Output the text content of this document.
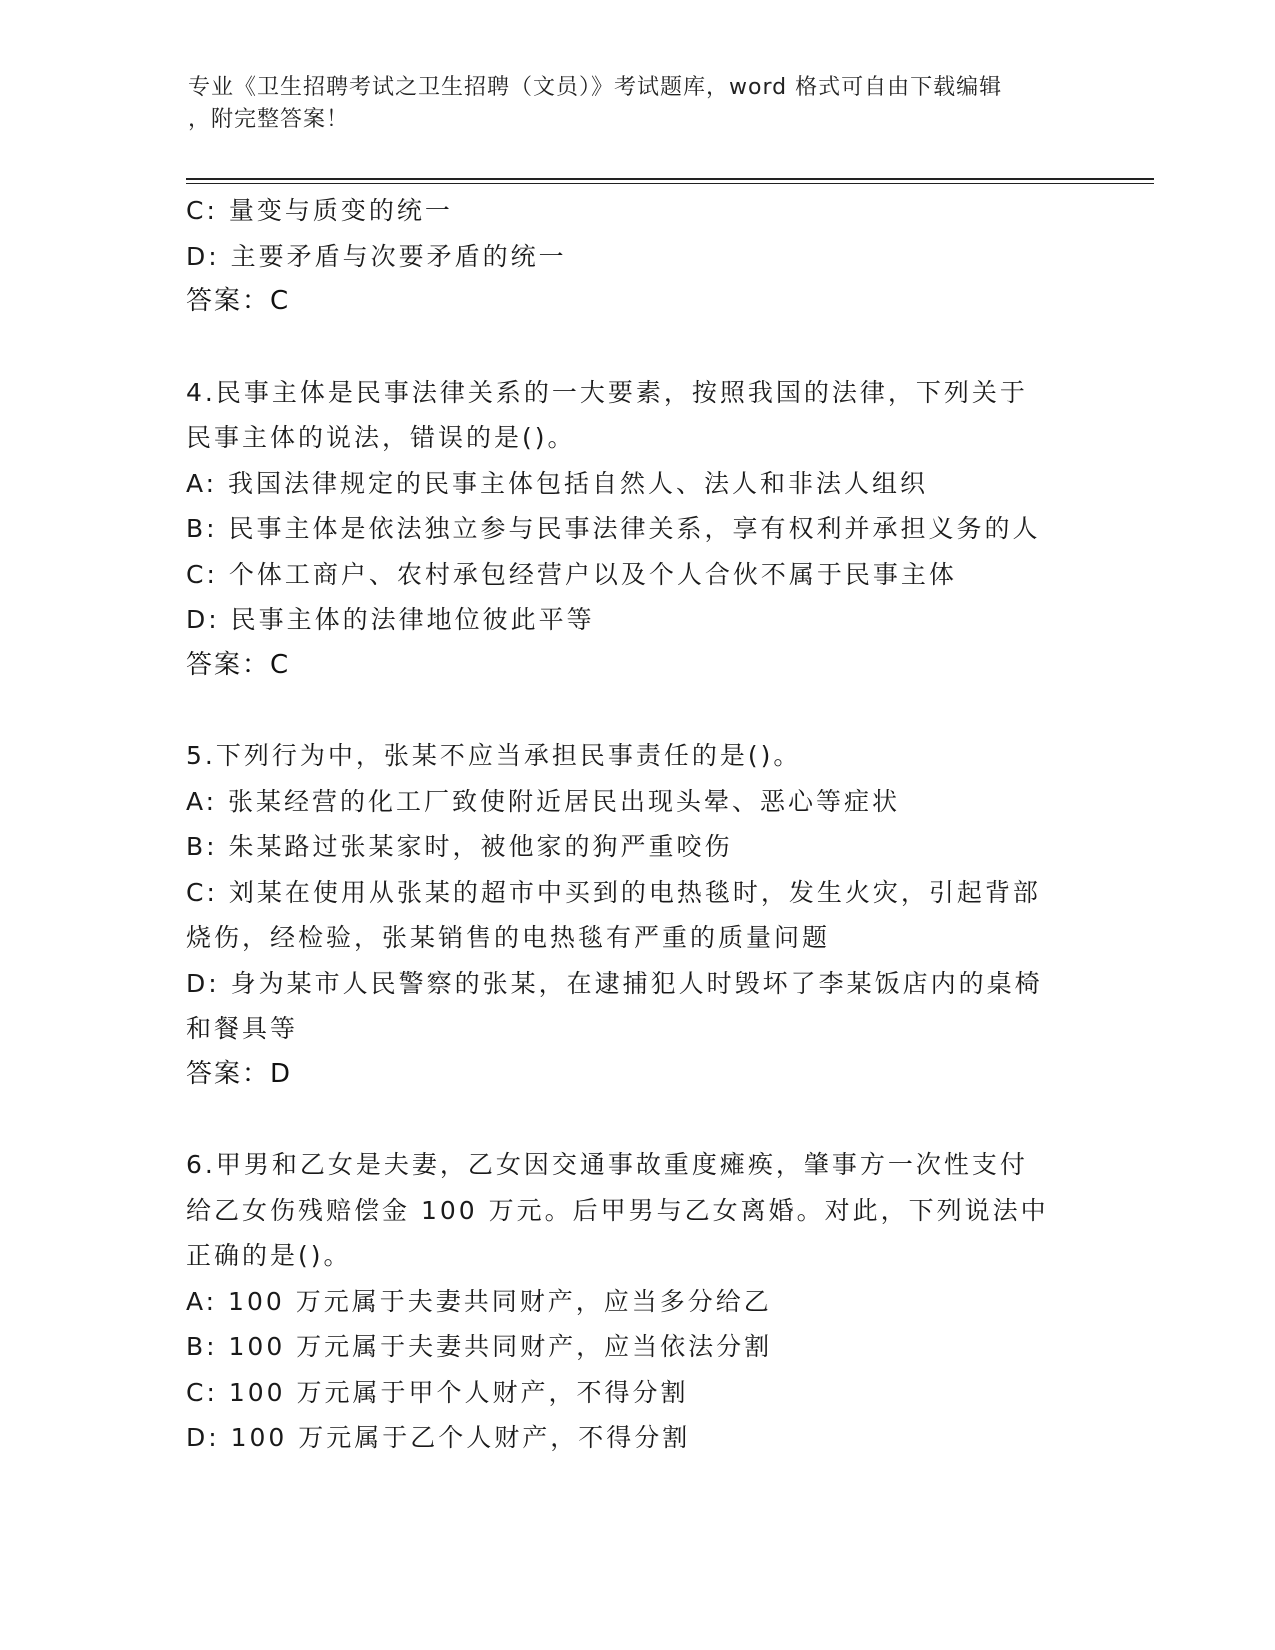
专业《卫生招聘考试之卫生招聘（文员）》考试题库，word 格式可自由下载编辑
，附完整答案！
C: 量变与质变的统一
D: 主要矛盾与次要矛盾的统一
答案：C
4.民事主体是民事法律关系的一大要素，按照我国的法律，下列关于
民事主体的说法，错误的是()。
A: 我国法律规定的民事主体包括自然人、法人和非法人组织
B: 民事主体是依法独立参与民事法律关系，享有权利并承担义务的人
C: 个体工商户、农村承包经营户以及个人合伙不属于民事主体
D: 民事主体的法律地位彼此平等
答案：C
5.下列行为中，张某不应当承担民事责任的是()。
A: 张某经营的化工厂致使附近居民出现头晕、恶心等症状
B: 朱某路过张某家时，被他家的狗严重咬伤
C: 刘某在使用从张某的超市中买到的电热毯时，发生火灾，引起背部
烧伤，经检验，张某销售的电热毯有严重的质量问题
D: 身为某市人民警察的张某，在逮捕犯人时毁坏了李某饭店内的桌椅
和餐具等
答案：D
6.甲男和乙女是夫妻，乙女因交通事故重度瘫痪，肇事方一次性支付
给乙女伤残赔偿金 100 万元。后甲男与乙女离婚。对此，下列说法中
正确的是()。
A: 100 万元属于夫妻共同财产，应当多分给乙
B: 100 万元属于夫妻共同财产，应当依法分割
C: 100 万元属于甲个人财产，不得分割
D: 100 万元属于乙个人财产，不得分割
